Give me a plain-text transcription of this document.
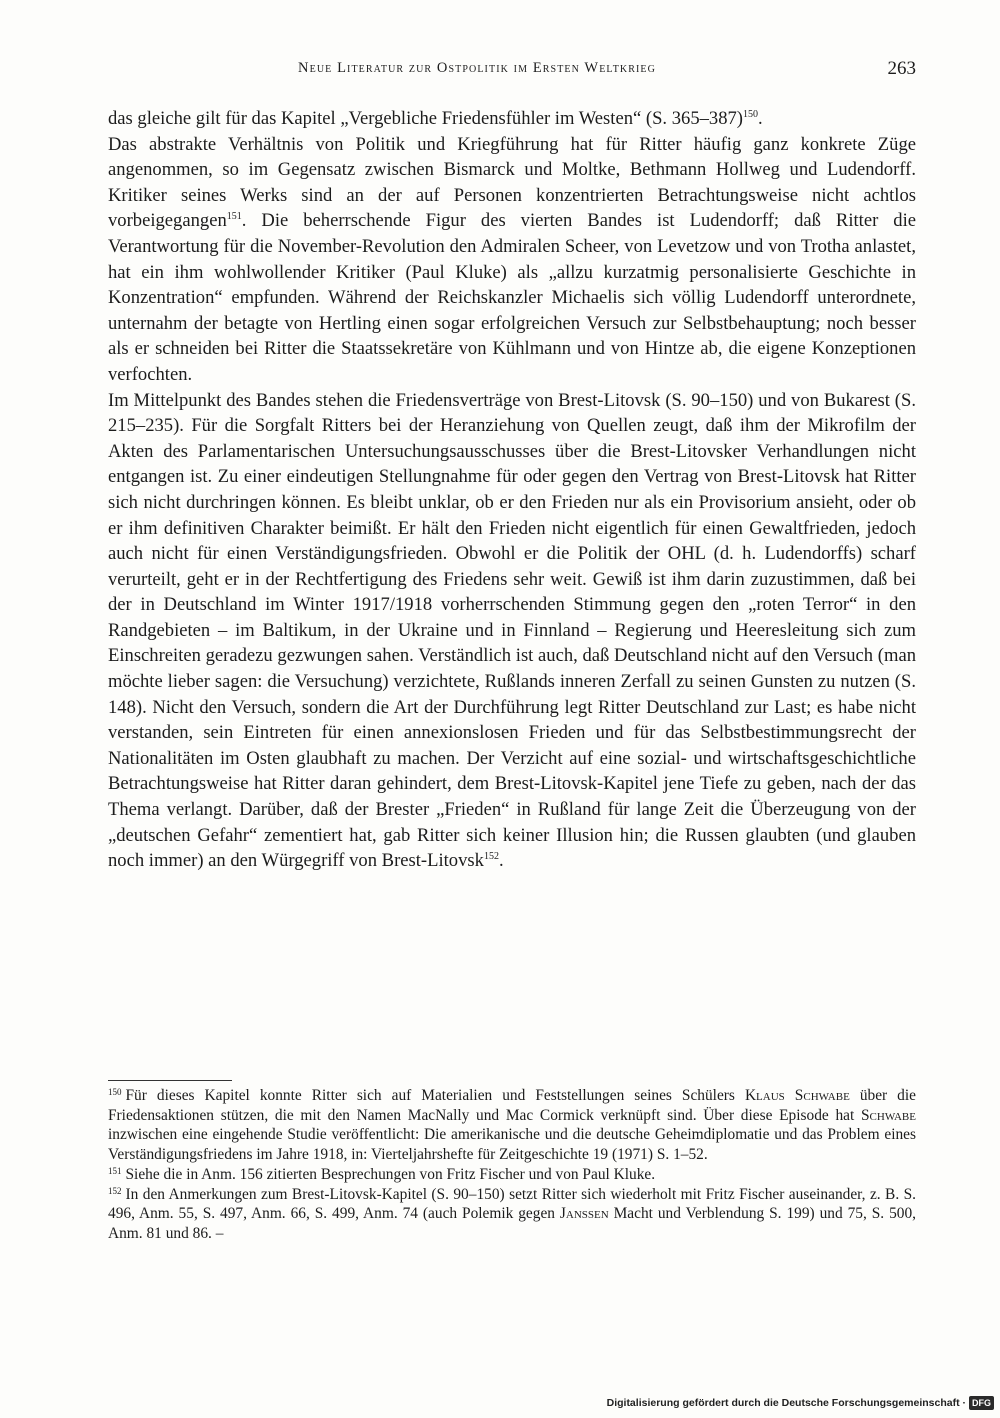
Neue Literatur zur Ostpolitik im Ersten Weltkrieg	263

das gleiche gilt für das Kapitel „Vergebliche Friedensfühler im Westen“ (S. 365–387)$^{150}$.

Das abstrakte Verhältnis von Politik und Kriegführung hat für Ritter häufig ganz konkrete Züge angenommen, so im Gegensatz zwischen Bismarck und Moltke, Bethmann Hollweg und Ludendorff. Kritiker seines Werks sind an der auf Personen konzentrierten Betrachtungsweise nicht achtlos vorbeigegangen$^{151}$. Die beherrschende Figur des vierten Bandes ist Ludendorff; daß Ritter die Verantwortung für die November-Revolution den Admiralen Scheer, von Levetzow und von Trotha anlastet, hat ein ihm wohlwollender Kritiker (Paul Kluke) als „allzu kurzatmig personalisierte Geschichte in Konzentration“ empfunden. Während der Reichskanzler Michaelis sich völlig Ludendorff unterordnete, unternahm der betagte von Hertling einen sogar erfolgreichen Versuch zur Selbstbehauptung; noch besser als er schneiden bei Ritter die Staatssekretäre von Kühlmann und von Hintze ab, die eigene Konzeptionen verfochten.

Im Mittelpunkt des Bandes stehen die Friedensverträge von Brest-Litovsk (S. 90–150) und von Bukarest (S. 215–235). Für die Sorgfalt Ritters bei der Heranziehung von Quellen zeugt, daß ihm der Mikrofilm der Akten des Parlamentarischen Untersuchungsausschusses über die Brest-Litovsker Verhandlungen nicht entgangen ist. Zu einer eindeutigen Stellungnahme für oder gegen den Vertrag von Brest-Litovsk hat Ritter sich nicht durchringen können. Es bleibt unklar, ob er den Frieden nur als ein Provisorium ansieht, oder ob er ihm definitiven Charakter beimißt. Er hält den Frieden nicht eigentlich für einen Gewaltfrieden, jedoch auch nicht für einen Verständigungsfrieden. Obwohl er die Politik der OHL (d. h. Ludendorffs) scharf verurteilt, geht er in der Rechtfertigung des Friedens sehr weit. Gewiß ist ihm darin zuzustimmen, daß bei der in Deutschland im Winter 1917/1918 vorherrschenden Stimmung gegen den „roten Terror“ in den Randgebieten – im Baltikum, in der Ukraine und in Finnland – Regierung und Heeresleitung sich zum Einschreiten geradezu gezwungen sahen. Verständlich ist auch, daß Deutschland nicht auf den Versuch (man möchte lieber sagen: die Versuchung) verzichtete, Rußlands inneren Zerfall zu seinen Gunsten zu nutzen (S. 148). Nicht den Versuch, sondern die Art der Durchführung legt Ritter Deutschland zur Last; es habe nicht verstanden, sein Eintreten für einen annexionslosen Frieden und für das Selbstbestimmungsrecht der Nationalitäten im Osten glaubhaft zu machen. Der Verzicht auf eine sozial- und wirtschaftsgeschichtliche Betrachtungsweise hat Ritter daran gehindert, dem Brest-Litovsk-Kapitel jene Tiefe zu geben, nach der das Thema verlangt. Darüber, daß der Brester „Frieden“ in Rußland für lange Zeit die Überzeugung von der „deutschen Gefahr“ zementiert hat, gab Ritter sich keiner Illusion hin; die Russen glaubten (und glauben noch immer) an den Würgegriff von Brest-Litovsk$^{152}$.

$^{150}$ Für dieses Kapitel konnte Ritter sich auf Materialien und Feststellungen seines Schülers Klaus Schwabe über die Friedensaktionen stützen, die mit den Namen MacNally und Mac Cormick verknüpft sind. Über diese Episode hat Schwabe inzwischen eine eingehende Studie veröffentlicht: Die amerikanische und die deutsche Geheimdiplomatie und das Problem eines Verständigungsfriedens im Jahre 1918, in: Vierteljahrshefte für Zeitgeschichte 19 (1971) S. 1–52.

$^{151}$ Siehe die in Anm. 156 zitierten Besprechungen von Fritz Fischer und von Paul Kluke.

$^{152}$ In den Anmerkungen zum Brest-Litovsk-Kapitel (S. 90–150) setzt Ritter sich wiederholt mit Fritz Fischer auseinander, z. B. S. 496, Anm. 55, S. 497, Anm. 66, S. 499, Anm. 74 (auch Polemik gegen Janssen Macht und Verblendung S. 199) und 75, S. 500, Anm. 81 und 86. –

Digitalisierung gefördert durch die Deutsche Forschungsgemeinschaft · DFG
